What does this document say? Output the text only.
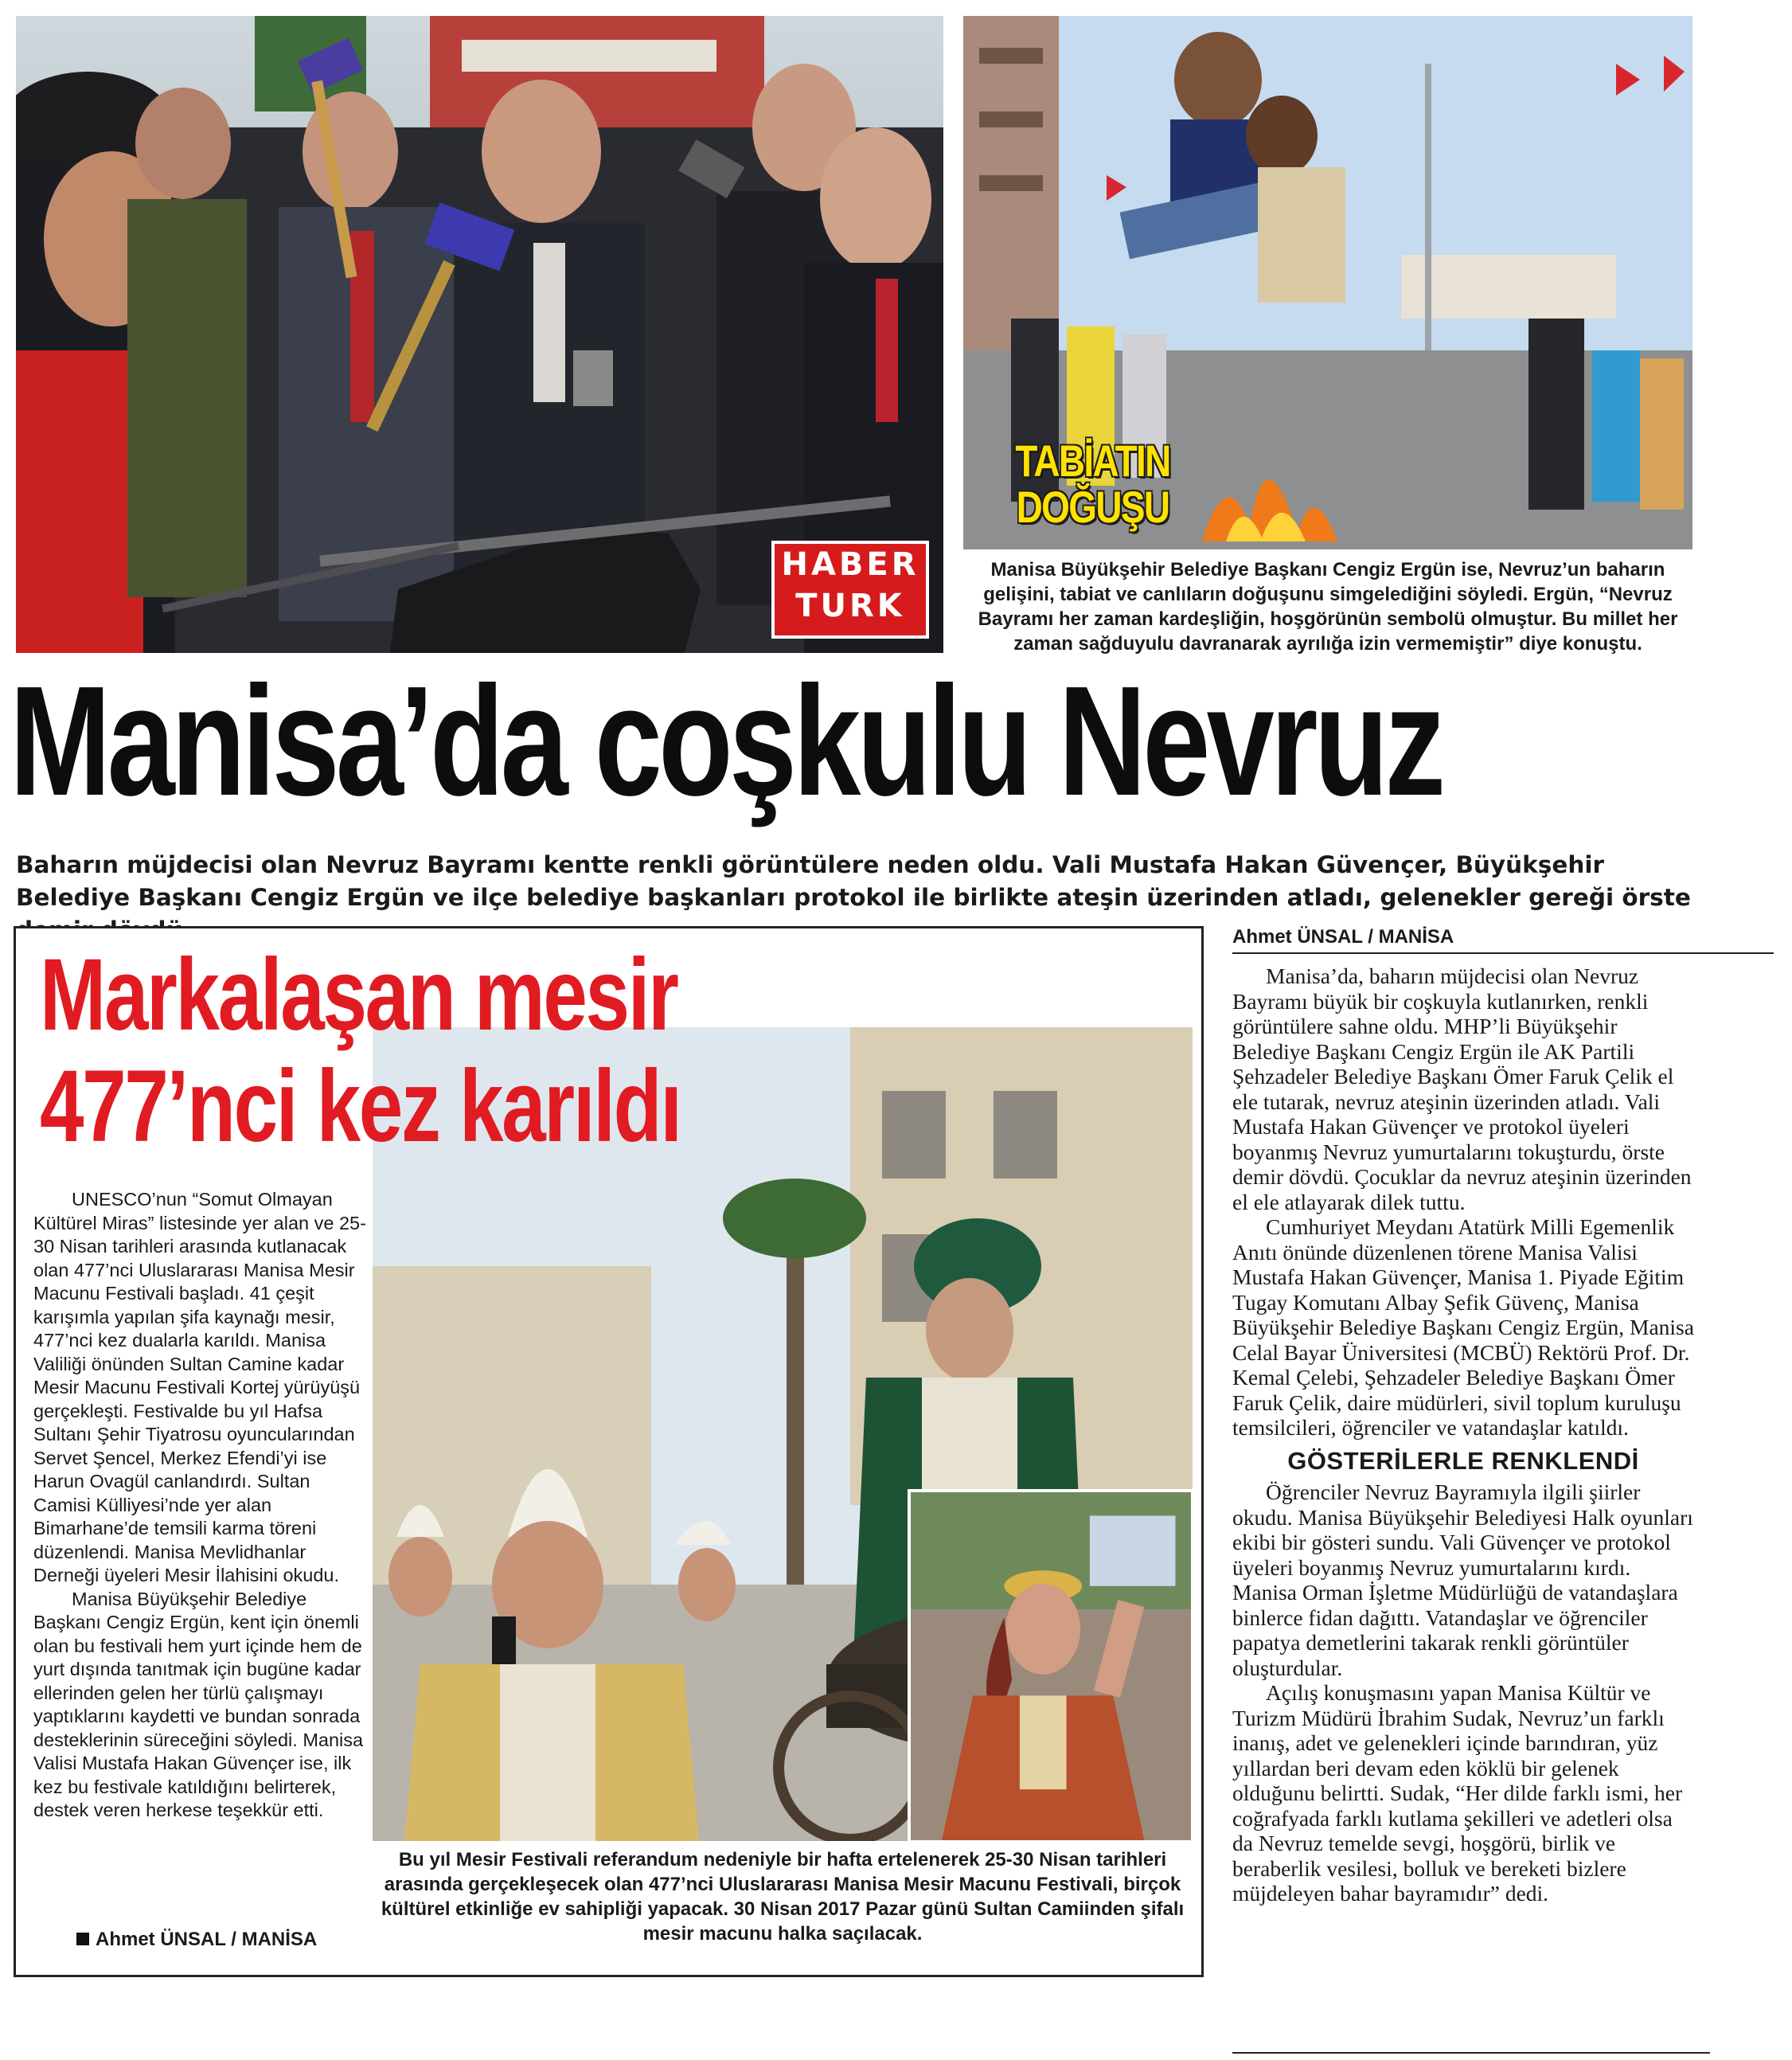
HABER
TURK
TABİATIN
DOĞUŞU
Manisa Büyükşehir Belediye Başkanı Cengiz Ergün ise, Nevruz’un baharın gelişini, tabiat ve canlıların doğuşunu simgelediğini söyledi. Ergün, “Nevruz Bayramı her zaman kardeşliğin, hoşgörünün sembolü olmuştur. Bu millet her zaman sağduyulu davranarak ayrılığa izin vermemiştir” diye konuştu.
Manisa’da coşkulu Nevruz
Baharın müjdecisi olan Nevruz Bayramı kentte renkli görüntülere neden oldu. Vali Mustafa Hakan Güvençer, Büyükşehir Belediye Başkanı Cengiz Ergün ve ilçe belediye başkanları protokol ile birlikte ateşin üzerinden atladı, gelenekler gereği örste
Markalaşan mesir
477’nci kez karıldı

UNESCO’nun “Somut Olmayan Kültürel Miras” listesinde yer alan ve 25-30 Nisan tarihleri arasında kutlanacak olan 477’nci Uluslararası Manisa Mesir Macunu Festivali başladı. 41 çeşit karışımla yapılan şifa kaynağı mesir, 477’nci kez dualarla karıldı. Manisa Valiliği önünden Sultan Camine kadar Mesir Macunu Festivali Kortej yürüyüşü gerçekleşti. Festivalde bu yıl Hafsa Sultanı Şehir Tiyatrosu oyuncularından Servet Şencel, Merkez Efendi’yi ise Harun Ovagül canlandırdı. Sultan Camisi Külliyesi’nde yer alan Bimarhane’de temsili karma töreni düzenlendi. Manisa Mevlidhanlar Derneği üyeleri Mesir İlahisini okudu.

Manisa Büyükşehir Belediye Başkanı Cengiz Ergün, kent için önemli olan bu festivali hem yurt içinde hem de yurt dışında tanıtmak için bugüne kadar ellerinden gelen her türlü çalışmayı yaptıklarını kaydetti ve bundan sonrada desteklerinin süreceğini söyledi. Manisa Valisi Mustafa Hakan Güvençer ise, ilk kez bu festivale katıldığını belirterek, destek veren herkese teşekkür etti.

Ahmet ÜNSAL / MANİSA
Bu yıl Mesir Festivali referandum nedeniyle bir hafta ertelenerek 25-30 Nisan tarihleri arasında gerçekleşecek olan 477’nci Uluslararası Manisa Mesir Macunu Festivali, birçok kültürel etkinliğe ev sahipliği yapacak. 30 Nisan 2017 Pazar günü Sultan Camiinden şifalı mesir macunu halka saçılacak.
Ahmet ÜNSAL / MANİSA

Manisa’da, baharın müjdecisi olan Nevruz Bayramı büyük bir coşkuyla kutlanırken, renkli görüntülere sahne oldu. MHP’li Büyükşehir Belediye Başkanı Cengiz Ergün ile AK Partili Şehzadeler Belediye Başkanı Ömer Faruk Çelik el ele tutarak, nevruz ateşinin üzerinden atladı. Vali Mustafa Hakan Güvençer ve protokol üyeleri boyanmış Nevruz yumurtalarını tokuşturdu, örste demir dövdü. Çocuklar da nevruz ateşinin üzerinden el ele atlayarak dilek tuttu.

Cumhuriyet Meydanı Atatürk Milli Egemenlik Anıtı önünde düzenlenen törene Manisa Valisi Mustafa Hakan Güvençer, Manisa 1. Piyade Eğitim Tugay Komutanı Albay Şefik Güvenç, Manisa Büyükşehir Belediye Başkanı Cengiz Ergün, Manisa Celal Bayar Üniversitesi (MCBÜ) Rektörü Prof. Dr. Kemal Çelebi, Şehzadeler Belediye Başkanı Ömer Faruk Çelik, daire müdürleri, sivil toplum kuruluşu temsilcileri, öğrenciler ve vatandaşlar katıldı.

GÖSTERİLERLE RENKLENDİ

Öğrenciler Nevruz Bayramıyla ilgili şiirler okudu. Manisa Büyükşehir Belediyesi Halk oyunları ekibi bir gösteri sundu. Vali Güvençer ve protokol üyeleri boyanmış Nevruz yumurtalarını kırdı. Manisa Orman İşletme Müdürlüğü de vatandaşlara binlerce fidan dağıttı. Vatandaşlar ve öğrenciler papatya demetlerini takarak renkli görüntüler oluşturdular.

Açılış konuşmasını yapan Manisa Kültür ve Turizm Müdürü İbrahim Sudak, Nevruz’un farklı inanış, adet ve gelenekleri içinde barındıran, yüz yıllardan beri devam eden köklü bir gelenek olduğunu belirtti. Sudak, “Her dilde farklı ismi, her coğrafyada farklı kutlama şekilleri ve adetleri olsa da Nevruz temelde sevgi, hoşgörü, birlik ve beraberlik vesilesi, bolluk ve bereketi bizlere müjdeleyen bahar bayramıdır” dedi.
